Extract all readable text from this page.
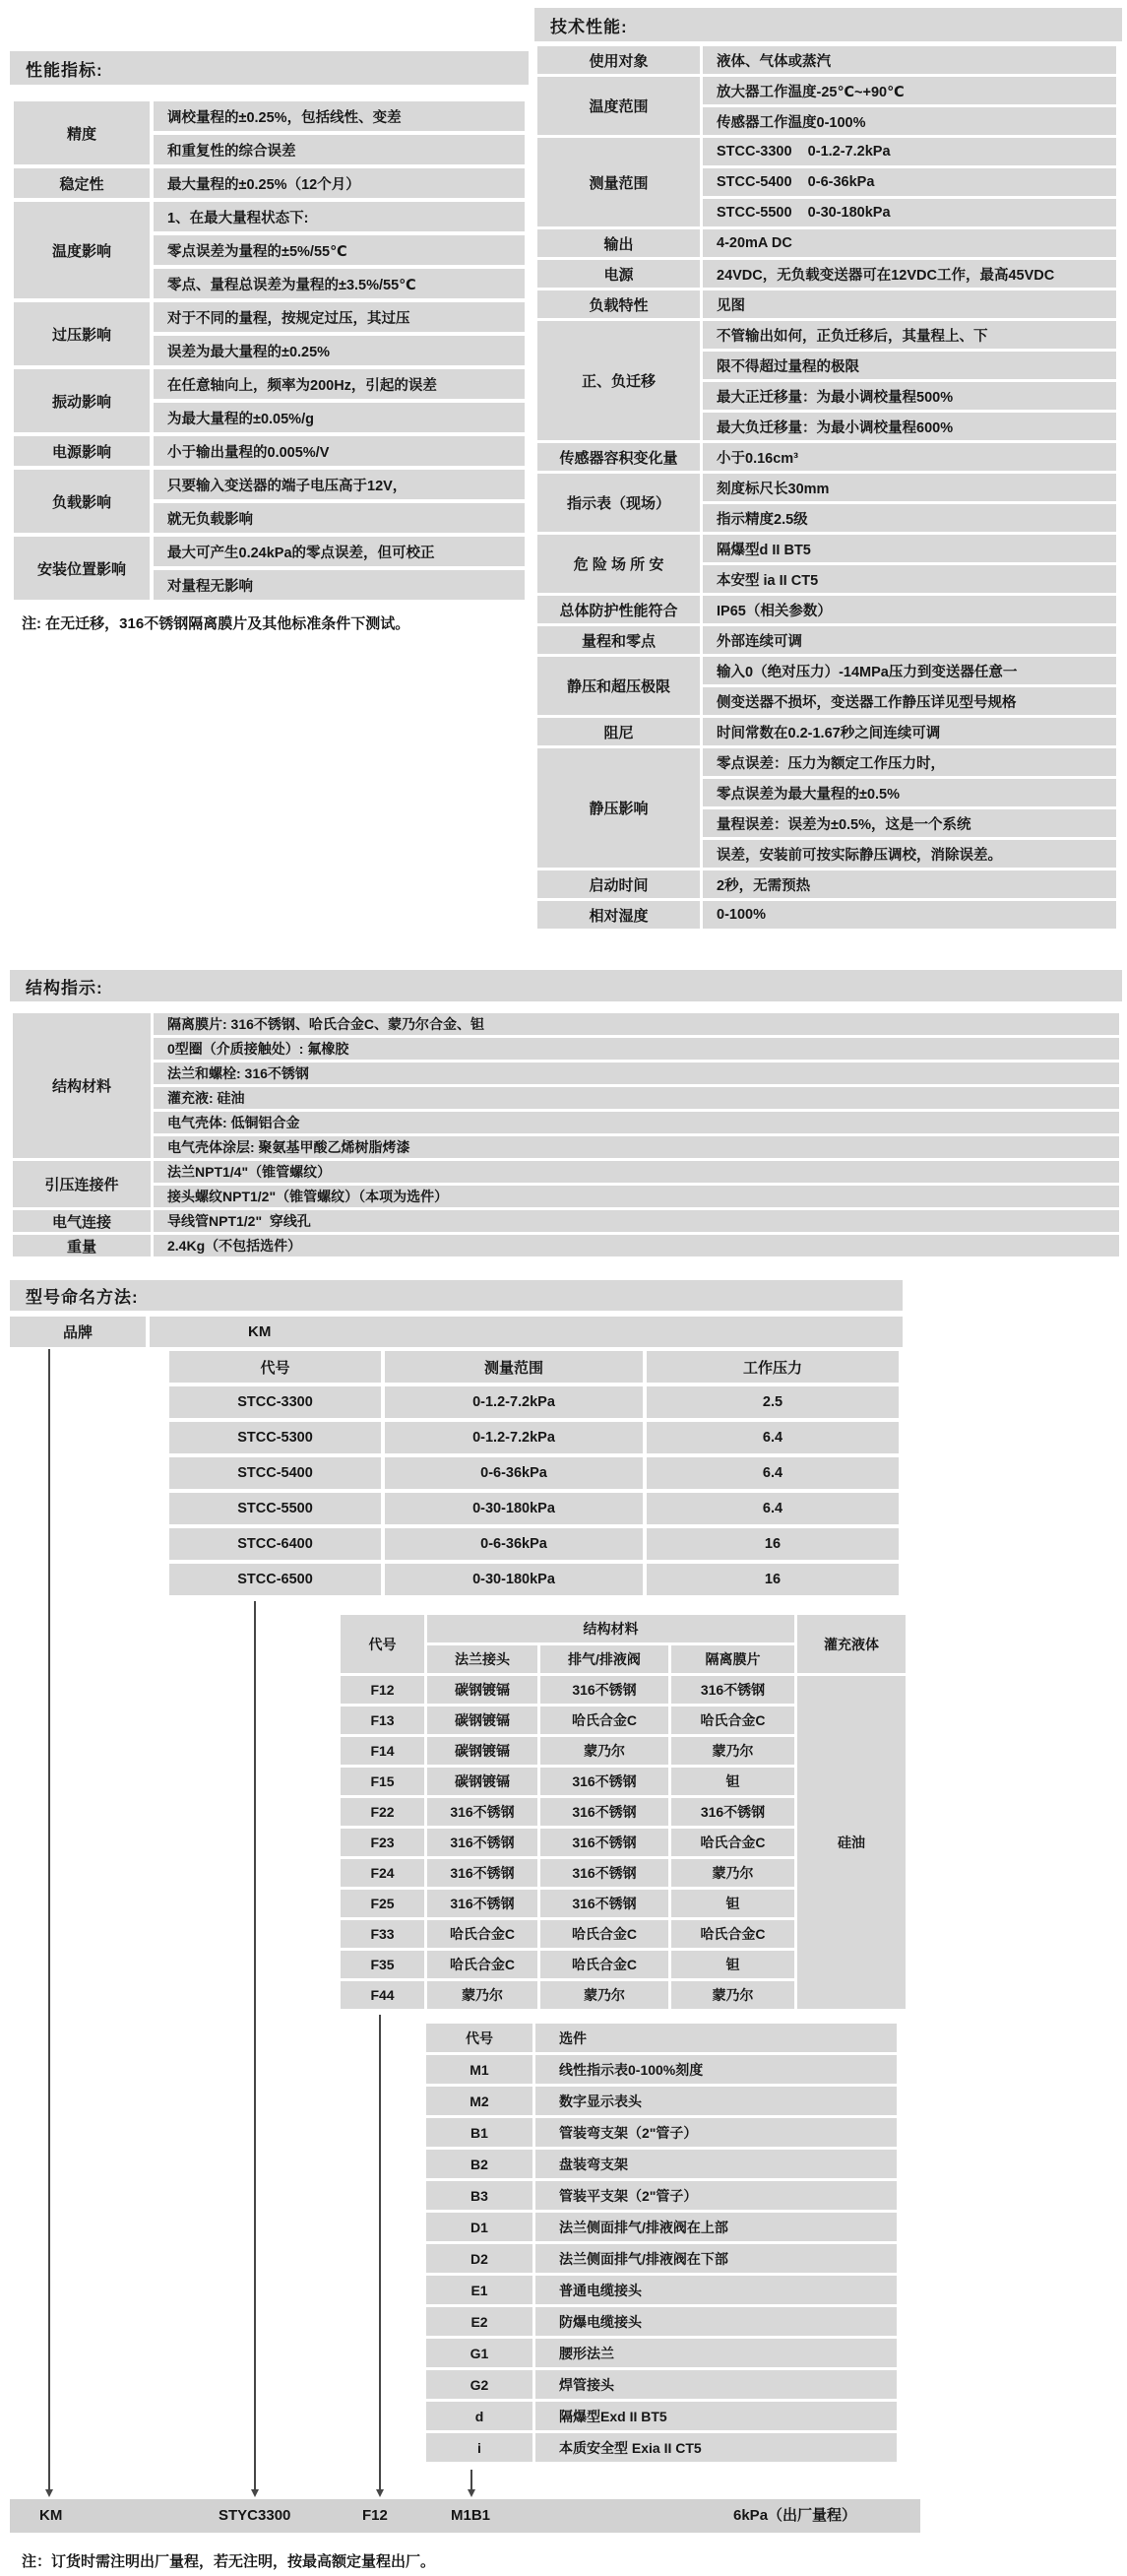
性能指标:
精度	调校量程的±0.25%，包括线性、变差
	和重复性的综合误差
稳定性	最大量程的±0.25%（12个月）
温度影响	1、在最大量程状态下:
	零点误差为量程的±5%/55℃
	零点、量程总误差为量程的±3.5%/55℃
过压影响	对于不同的量程，按规定过压，其过压
	误差为最大量程的±0.25%
振动影响	在任意轴向上，频率为200Hz，引起的误差
	为最大量程的±0.05%/g
电源影响	小于输出量程的0.005%/V
负载影响	只要输入变送器的端子电压高于12V，
	就无负载影响
安装位置影响	最大可产生0.24kPa的零点误差，但可校正
	对量程无影响
注: 在无迁移，316不锈钢隔离膜片及其他标准条件下测试。
技术性能:
使用对象	液体、气体或蒸汽
温度范围	放大器工作温度-25℃~+90℃
	传感器工作温度0-100%
测量范围	STCC-3300    0-1.2-7.2kPa
	STCC-5400    0-6-36kPa
	STCC-5500    0-30-180kPa
输出	4-20mA DC
电源	24VDC，无负载变送器可在12VDC工作，最高45VDC
负载特性	见图
正、负迁移	不管输出如何，正负迁移后，其量程上、下
	限不得超过量程的极限
	最大正迁移量：为最小调校量程500%
	最大负迁移量：为最小调校量程600%
传感器容积变化量	小于0.16cm³
指示表（现场）	刻度标尺长30mm
	指示精度2.5级
危 险 场 所 安	隔爆型d II BT5
	本安型 ia II CT5
总体防护性能符合	IP65（相关参数）
量程和零点	外部连续可调
静压和超压极限	输入0（绝对压力）-14MPa压力到变送器任意一
	侧变送器不损坏，变送器工作静压详见型号规格
阻尼	时间常数在0.2-1.67秒之间连续可调
静压影响	零点误差：压力为额定工作压力时，
	零点误差为最大量程的±0.5%
	量程误差：误差为±0.5%，这是一个系统
	误差，安装前可按实际静压调校，消除误差。
启动时间	2秒，无需预热
相对湿度	0-100%
结构指示:
结构材料	隔离膜片: 316不锈钢、哈氏合金C、蒙乃尔合金、钽
	0型圈（介质接触处）: 氟橡胶
	法兰和螺栓: 316不锈钢
	灌充液: 硅油
	电气壳体: 低铜铝合金
	电气壳体涂层: 聚氨基甲酸乙烯树脂烤漆
引压连接件	法兰NPT1/4"（锥管螺纹）
	接头螺纹NPT1/2"（锥管螺纹）（本项为选件）
电气连接	导线管NPT1/2"  穿线孔
重量	2.4Kg（不包括选件）
型号命名方法:
品牌	KM
代号	测量范围	工作压力
STCC-3300	0-1.2-7.2kPa	2.5
STCC-5300	0-1.2-7.2kPa	6.4
STCC-5400	0-6-36kPa	6.4
STCC-5500	0-30-180kPa	6.4
STCC-6400	0-6-36kPa	16
STCC-6500	0-30-180kPa	16
代号	结构材料			灌充液体
	法兰接头	排气/排液阀	隔离膜片	
F12	碳钢镀镉	316不锈钢	316不锈钢	硅油
F13	碳钢镀镉	哈氏合金C	哈氏合金C	
F14	碳钢镀镉	蒙乃尔	蒙乃尔	
F15	碳钢镀镉	316不锈钢	钽	
F22	316不锈钢	316不锈钢	316不锈钢	
F23	316不锈钢	316不锈钢	哈氏合金C	
F24	316不锈钢	316不锈钢	蒙乃尔	
F25	316不锈钢	316不锈钢	钽	
F33	哈氏合金C	哈氏合金C	哈氏合金C	
F35	哈氏合金C	哈氏合金C	钽	
F44	蒙乃尔	蒙乃尔	蒙乃尔	
代号	选件
M1	线性指示表0-100%刻度
M2	数字显示表头
B1	管装弯支架（2"管子）
B2	盘装弯支架
B3	管装平支架（2"管子）
D1	法兰侧面排气/排液阀在上部
D2	法兰侧面排气/排液阀在下部
E1	普通电缆接头
E2	防爆电缆接头
G1	腰形法兰
G2	焊管接头
d	隔爆型Exd II BT5
i	本质安全型 Exia II CT5
KM	STYC3300	F12	M1B1	6kPa（出厂量程）
注：订货时需注明出厂量程，若无注明，按最高额定量程出厂。
